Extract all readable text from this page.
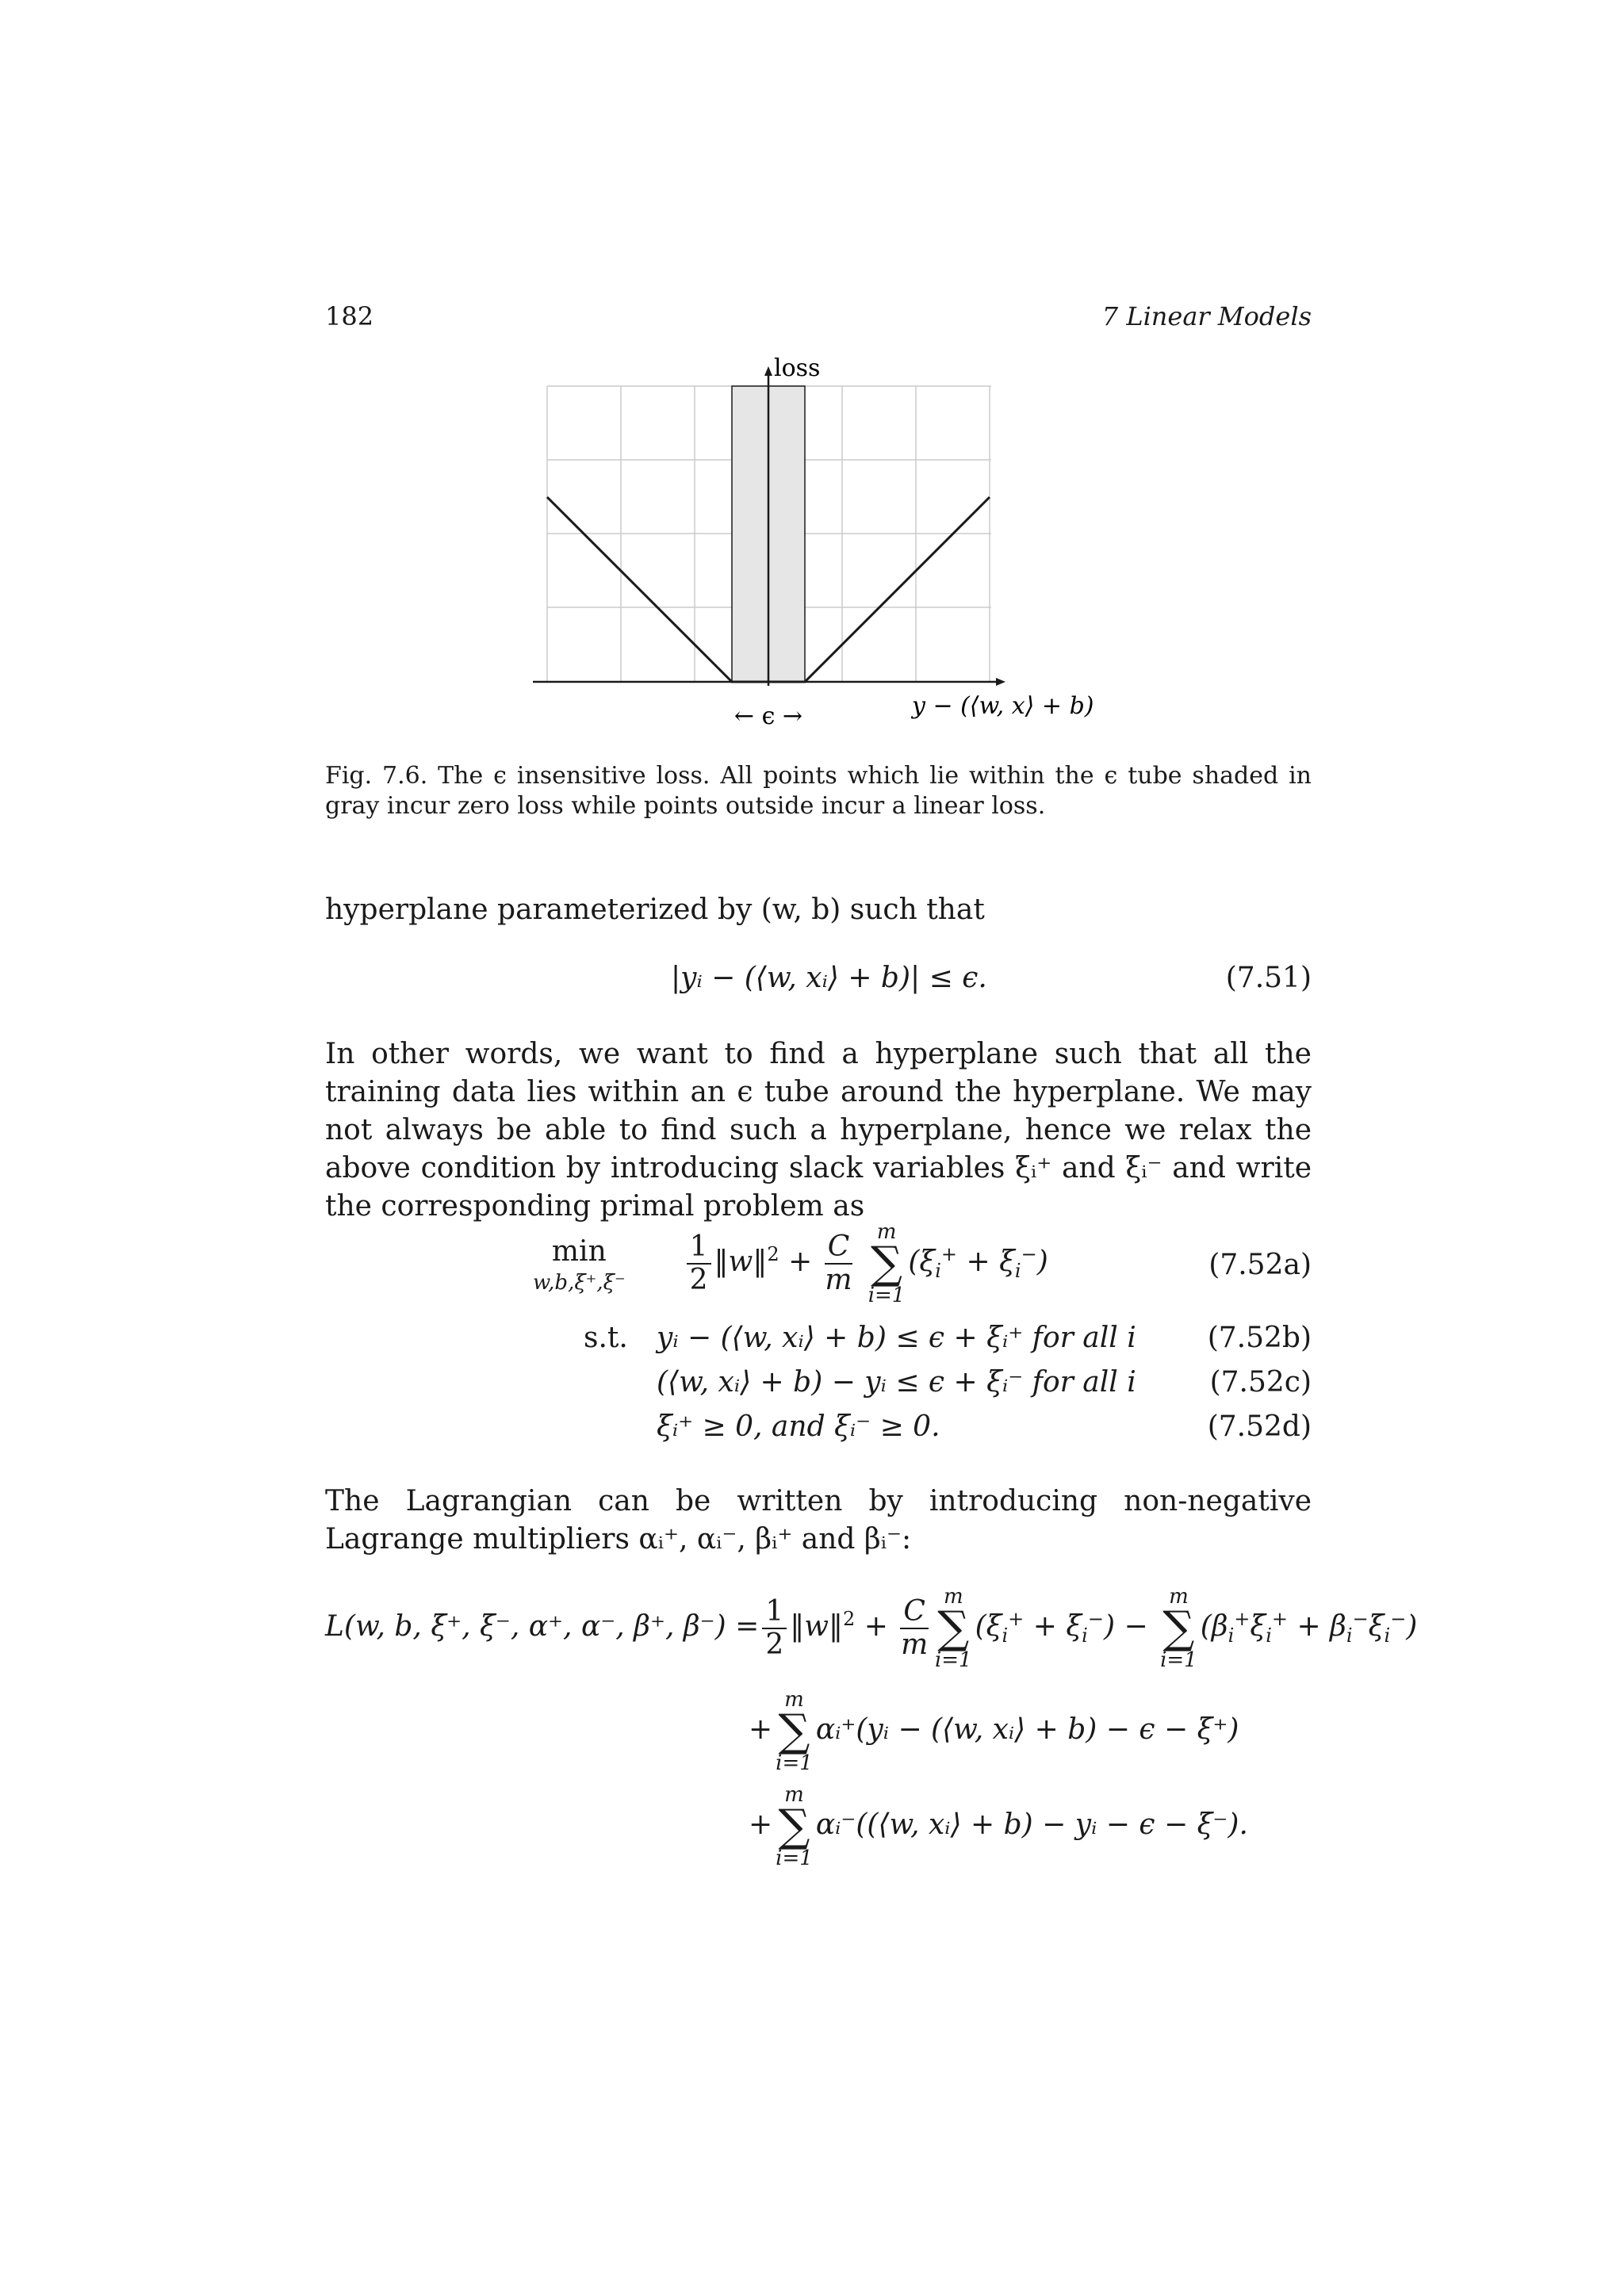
182	7 Linear Models
loss
← ϵ →	y − (⟨w, x⟩ + b)
Fig. 7.6. The ϵ insensitive loss. All points which lie within the ϵ tube shaded in gray incur zero loss while points outside incur a linear loss.
hyperplane parameterized by (w, b) such that
|yᵢ − (⟨w, xᵢ⟩ + b)| ≤ ϵ.	(7.51)
In other words, we want to find a hyperplane such that all the training data lies within an ϵ tube around the hyperplane. We may not always be able to find such a hyperplane, hence we relax the above condition by introducing slack variables ξᵢ⁺ and ξᵢ⁻ and write the corresponding primal problem as
min
w,b,ξ⁺,ξ⁻
$\frac{1}{2}$ ‖w‖$^2$ + $\frac{C}{m}$
m
∑
i=1
$(\xi_i^+ + \xi_i^-)$	(7.52a)
s.t. yᵢ − (⟨w, xᵢ⟩ + b) ≤ ϵ + ξᵢ⁺ for all i (7.52b)
(⟨w, xᵢ⟩ + b) − yᵢ ≤ ϵ + ξᵢ⁻ for all i	(7.52c)
ξᵢ⁺ ≥ 0, and ξᵢ⁻ ≥ 0.	(7.52d)
The Lagrangian can be written by introducing non-negative Lagrange multipliers αᵢ⁺, αᵢ⁻, βᵢ⁺ and βᵢ⁻:
L(w, b, ξ⁺, ξ⁻, α⁺, α⁻, β⁺, $\beta^-) = \frac{1}{2}$ ‖w‖$^2$ + $\frac{C}{m}$ m
∑
i=1
$(\xi_i^+ + \xi_i^-)$ −
m
∑
i=1
$(\beta_i^+\xi_i^+ + \beta_i^-\xi_i^-)$
+
m
∑
i=1
αᵢ⁺(yᵢ − (⟨w, xᵢ⟩ + b) − ϵ − ξ⁺)
+
m
∑
i=1
αᵢ⁻((⟨w, xᵢ⟩ + b) − yᵢ − ϵ − ξ⁻).
